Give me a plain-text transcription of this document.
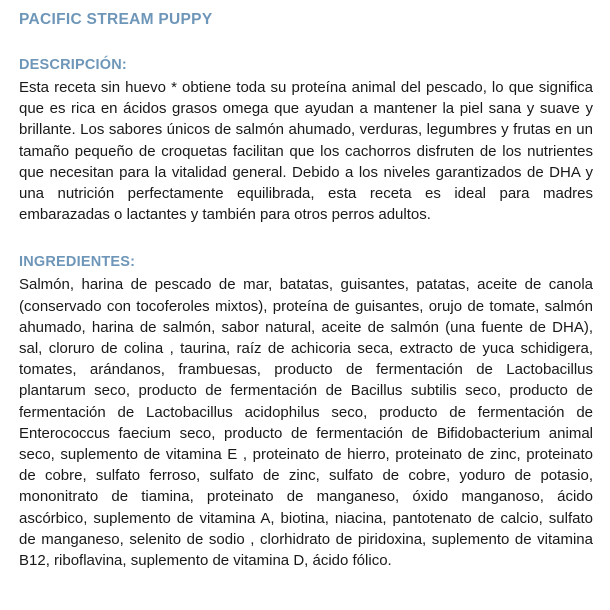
PACIFIC STREAM PUPPY
DESCRIPCIÓN:

Esta receta sin huevo * obtiene toda su proteína animal del pescado, lo que significa que es rica en ácidos grasos omega que ayudan a mantener la piel sana y suave y brillante. Los sabores únicos de salmón ahumado, verduras, legumbres y frutas en un tamaño pequeño de croquetas facilitan que los cachorros disfruten de los nutrientes que necesitan para la vitalidad general. Debido a los niveles garantizados de DHA y una nutrición perfectamente equilibrada, esta receta es ideal para madres embarazadas o lactantes y también para otros perros adultos.

INGREDIENTES:

Salmón, harina de pescado de mar, batatas, guisantes, patatas, aceite de canola (conservado con tocoferoles mixtos), proteína de guisantes, orujo de tomate, salmón ahumado, harina de salmón, sabor natural, aceite de salmón (una fuente de DHA), sal, cloruro de colina , taurina, raíz de achicoria seca, extracto de yuca schidigera, tomates, arándanos, frambuesas, producto de fermentación de Lactobacillus plantarum seco, producto de fermentación de Bacillus subtilis seco, producto de fermentación de Lactobacillus acidophilus seco, producto de fermentación de Enterococcus faecium seco, producto de fermentación de Bifidobacterium animal seco, suplemento de vitamina E , proteinato de hierro, proteinato de zinc, proteinato de cobre, sulfato ferroso, sulfato de zinc, sulfato de cobre, yoduro de potasio, mononitrato de tiamina, proteinato de manganeso, óxido manganoso, ácido ascórbico, suplemento de vitamina A, biotina, niacina, pantotenato de calcio, sulfato de manganeso, selenito de sodio , clorhidrato de piridoxina, suplemento de vitamina B12, riboflavina, suplemento de vitamina D, ácido fólico.
